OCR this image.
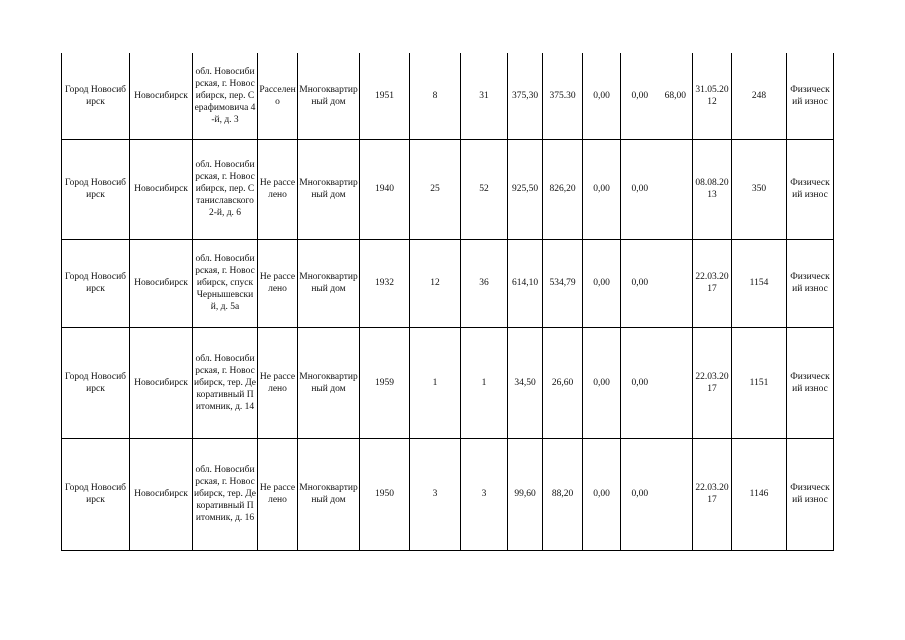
Город Новосибирск	Новосибирск	обл. Новосибирская, г. Новосибирск, пер. Серафимовича 4-й, д. 3	Расселено	Многоквартирный дом	1951	8	31	375,30	375.30	0,00	0,00	68,00	31.05.2012	248	Физический износ

Город Новосибирск	Новосибирск	обл. Новосибирская, г. Новосибирск, пер. Станиславского 2-й, д. 6	Не расселено	Многоквартирный дом	1940	25	52	925,50	826,20	0,00	0,00		08.08.2013	350	Физический износ

Город Новосибирск	Новосибирск	обл. Новосибирская, г. Новосибирск, спуск Чернышевский, д. 5а	Не расселено	Многоквартирный дом	1932	12	36	614,10	534,79	0,00	0,00		22.03.2017	1154	Физический износ

Город Новосибирск	Новосибирск	обл. Новосибирская, г. Новосибирск, тер. Декоративный Питомник, д. 14	Не расселено	Многоквартирный дом	1959	1	1	34,50	26,60	0,00	0,00		22.03.2017	1151	Физический износ

Город Новосибирск	Новосибирск	обл. Новосибирская, г. Новосибирск, тер. Декоративный Питомник, д. 16	Не расселено	Многоквартирный дом	1950	3	3	99,60	88,20	0,00	0,00		22.03.2017	1146	Физический износ
